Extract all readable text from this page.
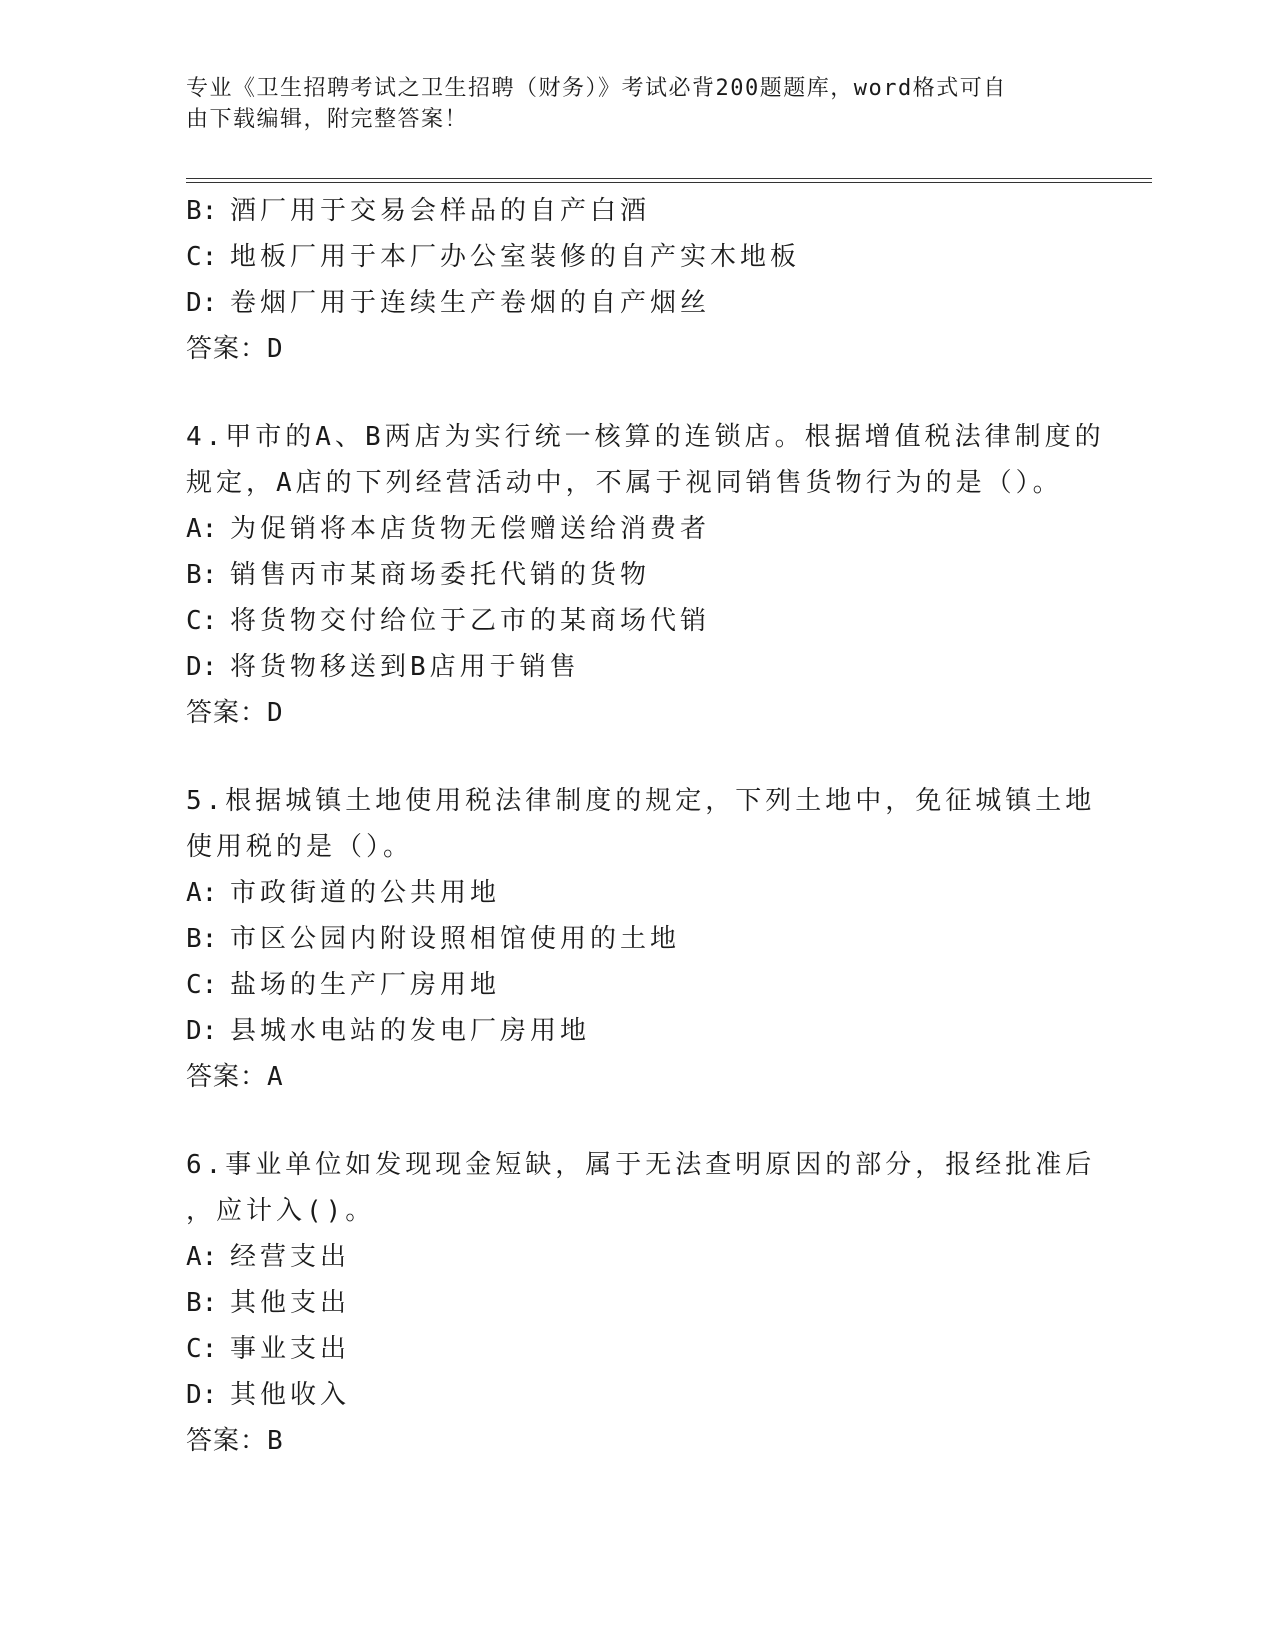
专业《卫生招聘考试之卫生招聘（财务）》考试必背200题题库，word格式可自
由下载编辑，附完整答案！
B: 酒厂用于交易会样品的自产白酒
C: 地板厂用于本厂办公室装修的自产实木地板
D: 卷烟厂用于连续生产卷烟的自产烟丝
答案：D
4.甲市的A、B两店为实行统一核算的连锁店。根据增值税法律制度的
规定，A店的下列经营活动中，不属于视同销售货物行为的是（）。
A: 为促销将本店货物无偿赠送给消费者
B: 销售丙市某商场委托代销的货物
C: 将货物交付给位于乙市的某商场代销
D: 将货物移送到B店用于销售
答案：D
5.根据城镇土地使用税法律制度的规定，下列土地中，免征城镇土地
使用税的是（）。
A: 市政街道的公共用地
B: 市区公园内附设照相馆使用的土地
C: 盐场的生产厂房用地
D: 县城水电站的发电厂房用地
答案：A
6.事业单位如发现现金短缺，属于无法查明原因的部分，报经批准后
，应计入()。
A: 经营支出
B: 其他支出
C: 事业支出
D: 其他收入
答案：B
